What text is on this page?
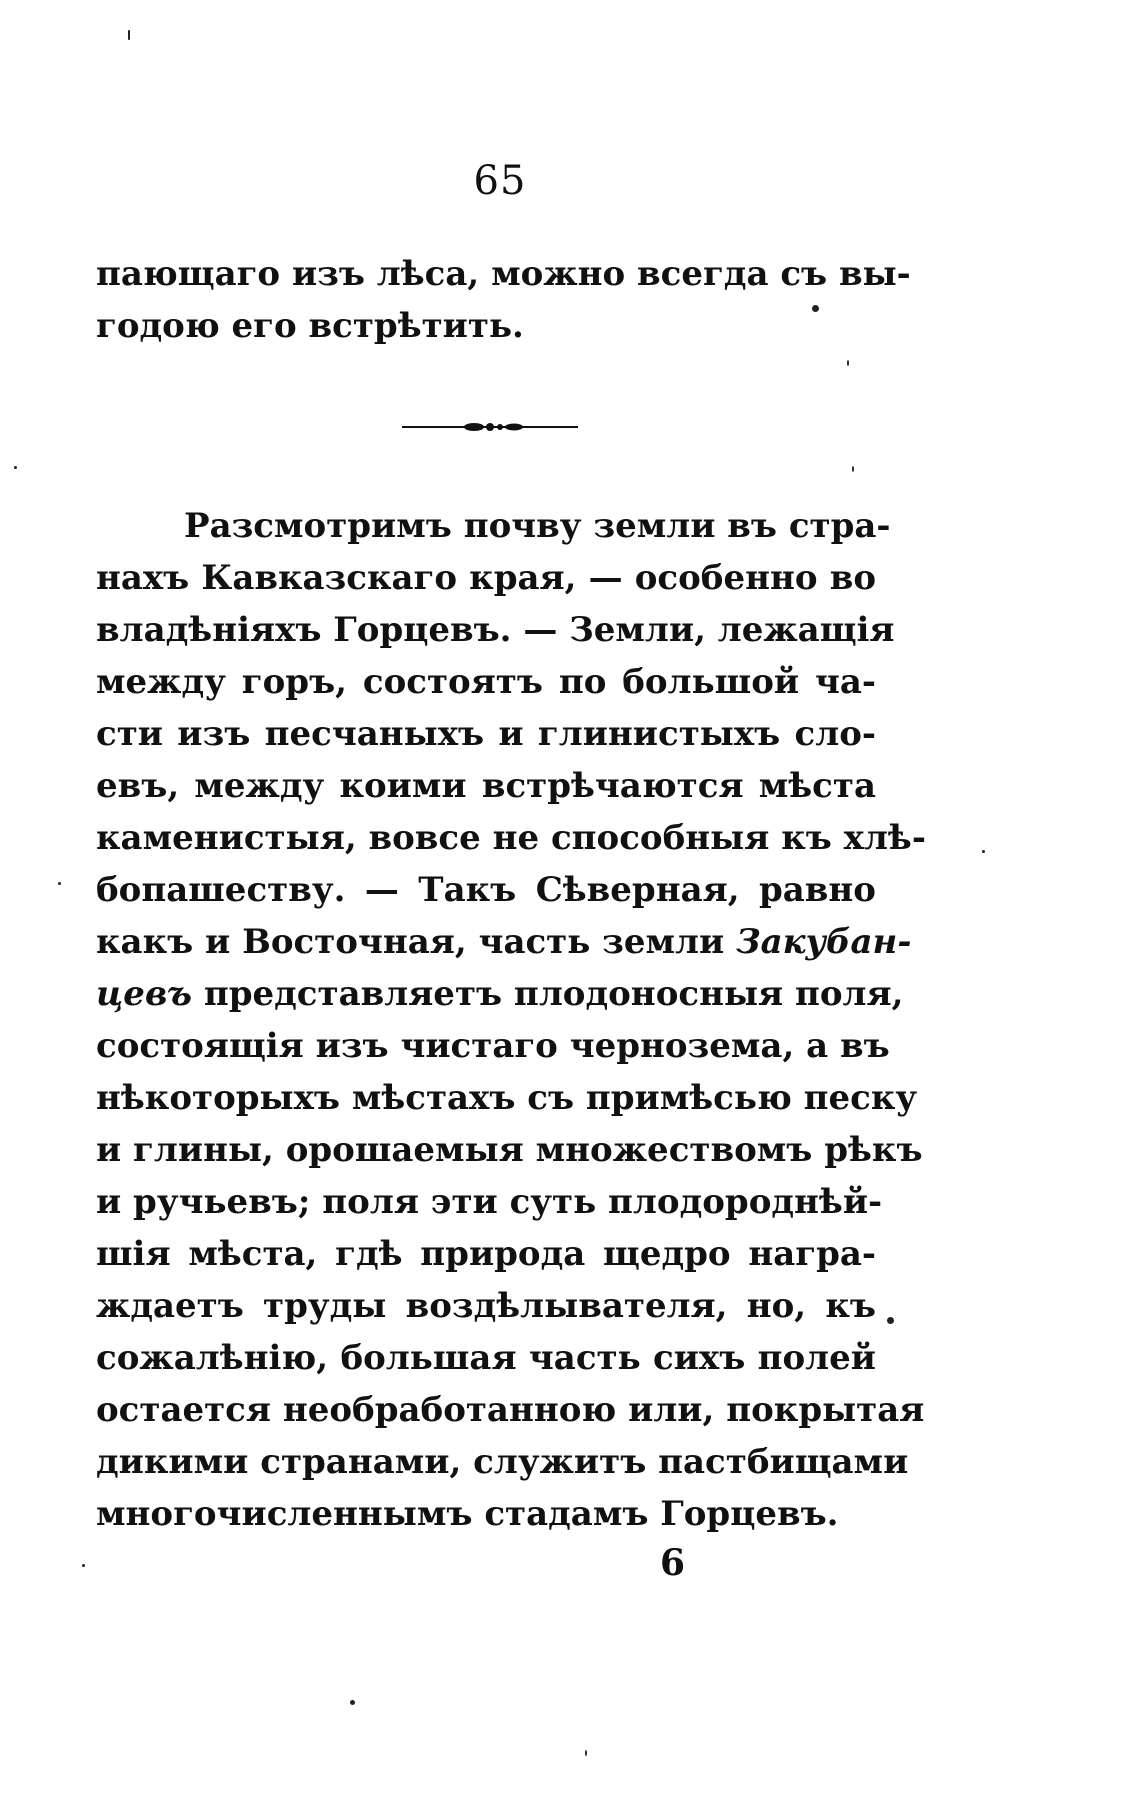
65
пающаго изъ лѣса, можно всегда съ вы-
годою его встрѣтить.
Разсмотримъ почву земли въ стра-
нахъ Кавказскаго края, — особенно во
владѣніяхъ Горцевъ. — Земли, лежащія
между горъ, состоятъ по большой ча-
сти изъ песчаныхъ и глинистыхъ сло-
евъ, между коими встрѣчаются мѣста
каменистыя, вовсе не способныя къ хлѣ-
бопашеству. — Такъ Сѣверная, равно
какъ и Восточная, часть земли Закубан-
цевъ представляетъ плодоносныя поля,
состоящія изъ чистаго чернозема, а въ
нѣкоторыхъ мѣстахъ съ примѣсью песку
и глины, орошаемыя множествомъ рѣкъ
и ручьевъ; поля эти суть плодороднѣй-
шія мѣста, гдѣ природа щедро награ-
ждаетъ труды воздѣлывателя, но, къ
сожалѣнію, большая часть сихъ полей
остается необработанною или, покрытая
дикими странами, служитъ пастбищами
многочисленнымъ стадамъ Горцевъ.
6
